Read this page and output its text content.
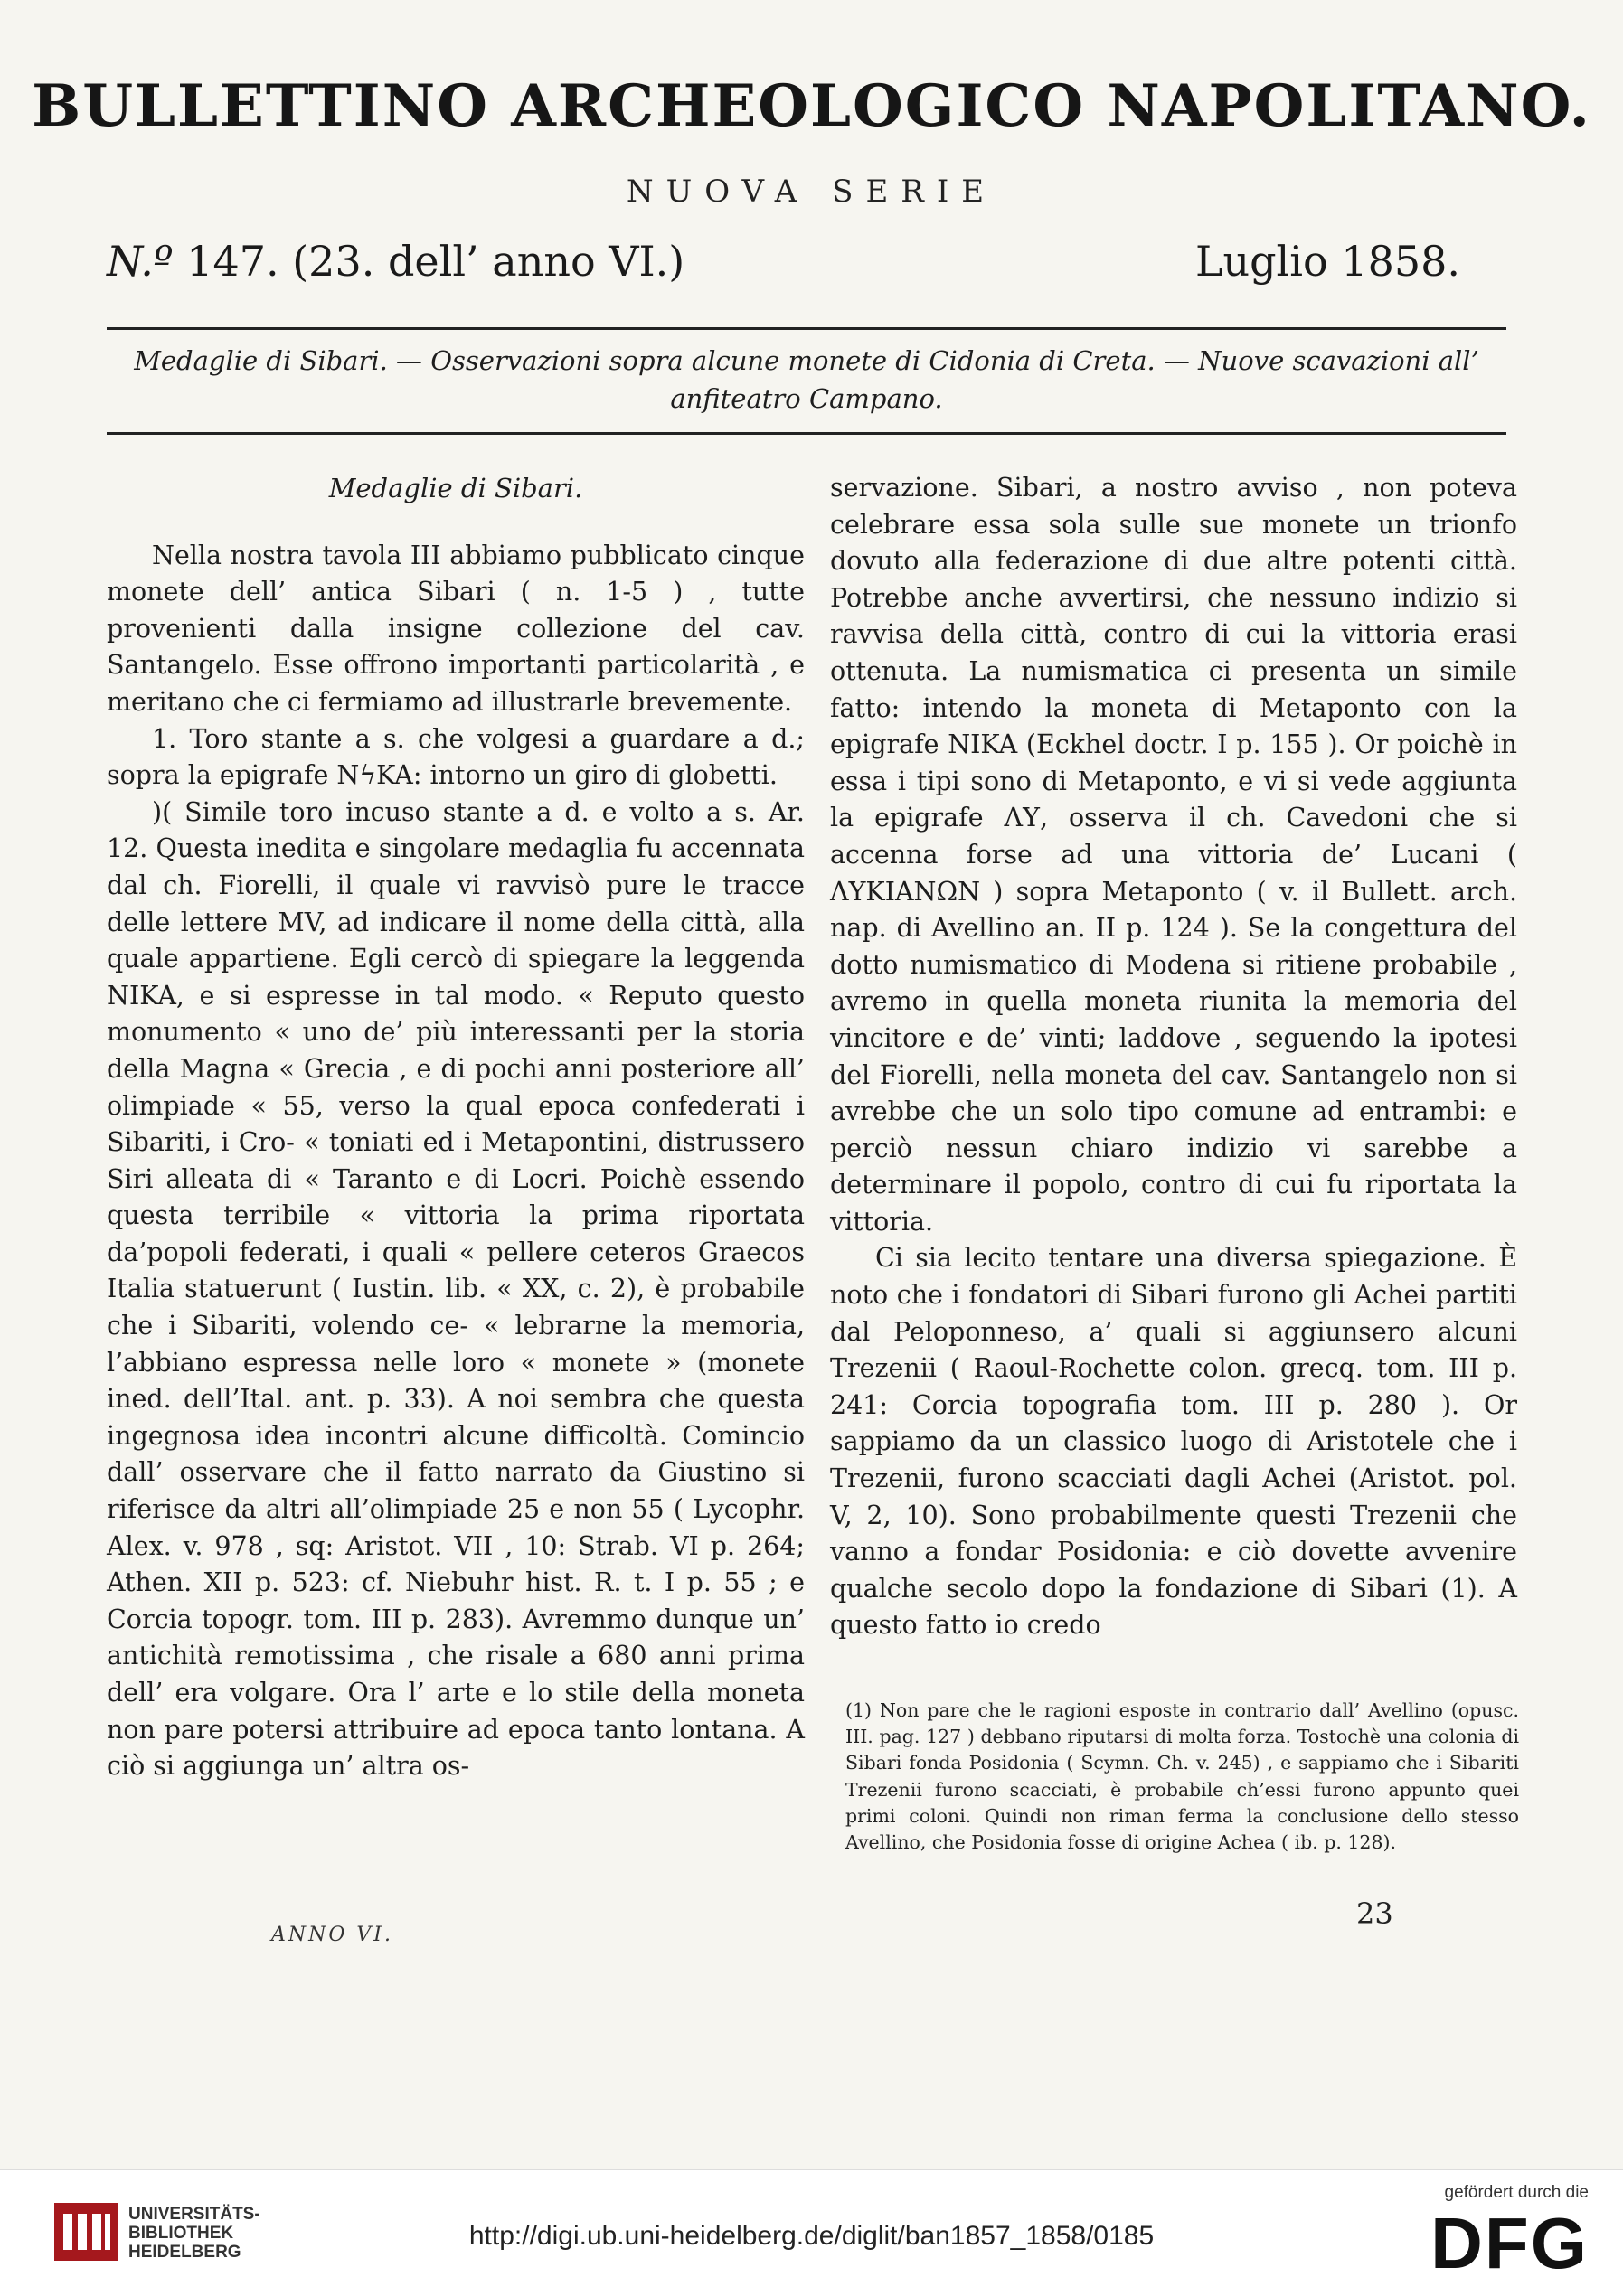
BULLETTINO ARCHEOLOGICO NAPOLITANO.
NUOVA SERIE
N.º 147. (23. dell’ anno VI.)	Luglio 1858.
Medaglie di Sibari. — Osservazioni sopra alcune monete di Cidonia di Creta. — Nuove scavazioni all’ anfiteatro Campano.

Medaglie di Sibari.

Nella nostra tavola III abbiamo pubblicato cinque monete dell’ antica Sibari ( n. 1-5 ) , tutte provenienti dalla insigne collezione del cav. Santangelo. Esse offrono importanti particolarità , e meritano che ci fermiamo ad illustrarle brevemente.

1. Toro stante a s. che volgesi a guardare a d.; sopra la epigrafe NϟKA: intorno un giro di globetti.

)( Simile toro incuso stante a d. e volto a s. Ar. 12. Questa inedita e singolare medaglia fu accennata dal ch. Fiorelli, il quale vi ravvisò pure le tracce delle lettere MV, ad indicare il nome della città, alla quale appartiene. Egli cercò di spiegare la leggenda NIKA, e si espresse in tal modo. « Reputo questo monumento « uno de’ più interessanti per la storia della Magna « Grecia , e di pochi anni posteriore all’ olimpiade « 55, verso la qual epoca confederati i Sibariti, i Cro- « toniati ed i Metapontini, distrussero Siri alleata di « Taranto e di Locri. Poichè essendo questa terribile « vittoria la prima riportata da’popoli federati, i quali « pellere ceteros Graecos Italia statuerunt ( Iustin. lib. « XX, c. 2), è probabile che i Sibariti, volendo ce- « lebrarne la memoria, l’abbiano espressa nelle loro « monete » (monete ined. dell’Ital. ant. p. 33). A noi sembra che questa ingegnosa idea incontri alcune difficoltà. Comincio dall’ osservare che il fatto narrato da Giustino si riferisce da altri all’olimpiade 25 e non 55 ( Lycophr. Alex. v. 978 , sq: Aristot. VII , 10: Strab. VI p. 264; Athen. XII p. 523: cf. Niebuhr hist. R. t. I p. 55 ; e Corcia topogr. tom. III p. 283). Avremmo dunque un’ antichità remotissima , che risale a 680 anni prima dell’ era volgare. Ora l’ arte e lo stile della moneta non pare potersi attribuire ad epoca tanto lontana. A ciò si aggiunga un’ altra os-

servazione. Sibari, a nostro avviso , non poteva celebrare essa sola sulle sue monete un trionfo dovuto alla federazione di due altre potenti città. Potrebbe anche avvertirsi, che nessuno indizio si ravvisa della città, contro di cui la vittoria erasi ottenuta. La numismatica ci presenta un simile fatto: intendo la moneta di Metaponto con la epigrafe NIKA (Eckhel doctr. I p. 155 ). Or poichè in essa i tipi sono di Metaponto, e vi si vede aggiunta la epigrafe ΛΥ, osserva il ch. Cavedoni che si accenna forse ad una vittoria de’ Lucani ( ΛΥΚΙΑΝΩΝ ) sopra Metaponto ( v. il Bullett. arch. nap. di Avellino an. II p. 124 ). Se la congettura del dotto numismatico di Modena si ritiene probabile , avremo in quella moneta riunita la memoria del vincitore e de’ vinti; laddove , seguendo la ipotesi del Fiorelli, nella moneta del cav. Santangelo non si avrebbe che un solo tipo comune ad entrambi: e perciò nessun chiaro indizio vi sarebbe a determinare il popolo, contro di cui fu riportata la vittoria.

Ci sia lecito tentare una diversa spiegazione. È noto che i fondatori di Sibari furono gli Achei partiti dal Peloponneso, a’ quali si aggiunsero alcuni Trezenii ( Raoul-Rochette colon. grecq. tom. III p. 241: Corcia topografia tom. III p. 280 ). Or sappiamo da un classico luogo di Aristotele che i Trezenii, furono scacciati dagli Achei (Aristot. pol. V, 2, 10). Sono probabilmente questi Trezenii che vanno a fondar Posidonia: e ciò dovette avvenire qualche secolo dopo la fondazione di Sibari (1). A questo fatto io credo

(1) Non pare che le ragioni esposte in contrario dall’ Avellino (opusc. III. pag. 127 ) debbano riputarsi di molta forza. Tostochè una colonia di Sibari fonda Posidonia ( Scymn. Ch. v. 245) , e sappiamo che i Sibariti Trezenii furono scacciati, è probabile ch’essi furono appunto quei primi coloni. Quindi non riman ferma la conclusione dello stesso Avellino, che Posidonia fosse di origine Achea ( ib. p. 128).
ANNO VI.
23
UNIVERSITÄTS-
BIBLIOTHEK
HEIDELBERG
http://digi.ub.uni-heidelberg.de/diglit/ban1857_1858/0185
gefördert durch die
DFG
